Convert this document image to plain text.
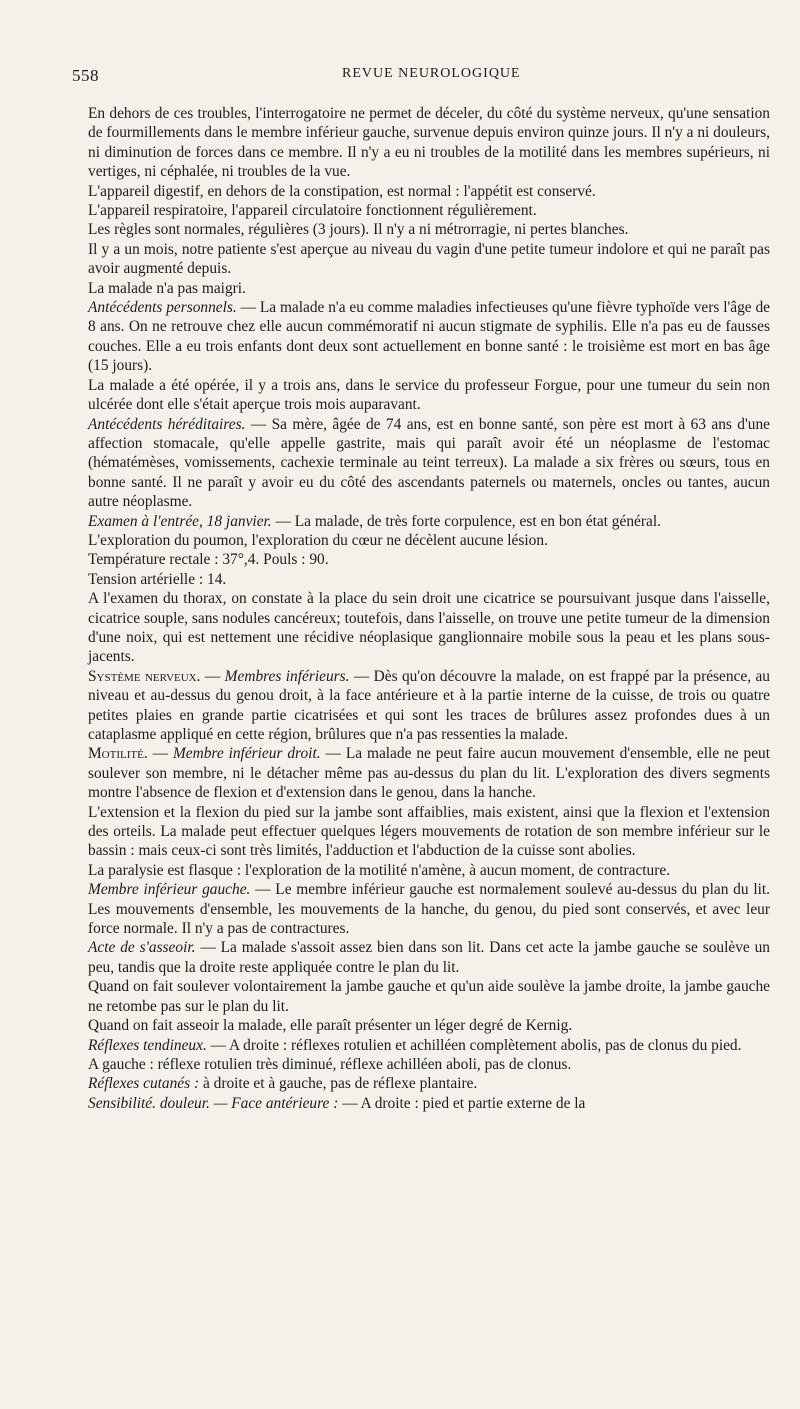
558	REVUE NEUROLOGIQUE

En dehors de ces troubles, l'interrogatoire ne permet de déceler, du côté du système nerveux, qu'une sensation de fourmillements dans le membre inférieur gauche, survenue depuis environ quinze jours. Il n'y a ni douleurs, ni diminution de forces dans ce membre. Il n'y a eu ni troubles de la motilité dans les membres supérieurs, ni vertiges, ni céphalée, ni troubles de la vue.

L'appareil digestif, en dehors de la constipation, est normal : l'appétit est conservé.

L'appareil respiratoire, l'appareil circulatoire fonctionnent régulièrement.

Les règles sont normales, régulières (3 jours). Il n'y a ni métrorragie, ni pertes blanches.

Il y a un mois, notre patiente s'est aperçue au niveau du vagin d'une petite tumeur indolore et qui ne paraît pas avoir augmenté depuis.

La malade n'a pas maigri.

Antécédents personnels. — La malade n'a eu comme maladies infectieuses qu'une fièvre typhoïde vers l'âge de 8 ans. On ne retrouve chez elle aucun commémoratif ni aucun stigmate de syphilis. Elle n'a pas eu de fausses couches. Elle a eu trois enfants dont deux sont actuellement en bonne santé : le troisième est mort en bas âge (15 jours).

La malade a été opérée, il y a trois ans, dans le service du professeur Forgue, pour une tumeur du sein non ulcérée dont elle s'était aperçue trois mois auparavant.

Antécédents héréditaires. — Sa mère, âgée de 74 ans, est en bonne santé, son père est mort à 63 ans d'une affection stomacale, qu'elle appelle gastrite, mais qui paraît avoir été un néoplasme de l'estomac (hématémèses, vomissements, cachexie terminale au teint terreux). La malade a six frères ou sœurs, tous en bonne santé. Il ne paraît y avoir eu du côté des ascendants paternels ou maternels, oncles ou tantes, aucun autre néoplasme.

Examen à l'entrée, 18 janvier. — La malade, de très forte corpulence, est en bon état général.

L'exploration du poumon, l'exploration du cœur ne décèlent aucune lésion.

Température rectale : 37°,4. Pouls : 90.

Tension artérielle : 14.

A l'examen du thorax, on constate à la place du sein droit une cicatrice se poursuivant jusque dans l'aisselle, cicatrice souple, sans nodules cancéreux; toutefois, dans l'aisselle, on trouve une petite tumeur de la dimension d'une noix, qui est nettement une récidive néoplasique ganglionnaire mobile sous la peau et les plans sous-jacents.

Système nerveux. — Membres inférieurs. — Dès qu'on découvre la malade, on est frappé par la présence, au niveau et au-dessus du genou droit, à la face antérieure et à la partie interne de la cuisse, de trois ou quatre petites plaies en grande partie cicatrisées et qui sont les traces de brûlures assez profondes dues à un cataplasme appliqué en cette région, brûlures que n'a pas ressenties la malade.

Motilité. — Membre inférieur droit. — La malade ne peut faire aucun mouvement d'ensemble, elle ne peut soulever son membre, ni le détacher même pas au-dessus du plan du lit. L'exploration des divers segments montre l'absence de flexion et d'extension dans le genou, dans la hanche.

L'extension et la flexion du pied sur la jambe sont affaiblies, mais existent, ainsi que la flexion et l'extension des orteils. La malade peut effectuer quelques légers mouvements de rotation de son membre inférieur sur le bassin : mais ceux-ci sont très limités, l'adduction et l'abduction de la cuisse sont abolies.

La paralysie est flasque : l'exploration de la motilité n'amène, à aucun moment, de contracture.

Membre inférieur gauche. — Le membre inférieur gauche est normalement soulevé au-dessus du plan du lit. Les mouvements d'ensemble, les mouvements de la hanche, du genou, du pied sont conservés, et avec leur force normale. Il n'y a pas de contractures.

Acte de s'asseoir. — La malade s'assoit assez bien dans son lit. Dans cet acte la jambe gauche se soulève un peu, tandis que la droite reste appliquée contre le plan du lit.

Quand on fait soulever volontairement la jambe gauche et qu'un aide soulève la jambe droite, la jambe gauche ne retombe pas sur le plan du lit.

Quand on fait asseoir la malade, elle paraît présenter un léger degré de Kernig.

Réflexes tendineux. — A droite : réflexes rotulien et achilléen complètement abolis, pas de clonus du pied.

A gauche : réflexe rotulien très diminué, réflexe achilléen aboli, pas de clonus.

Réflexes cutanés : à droite et à gauche, pas de réflexe plantaire.

Sensibilité. douleur. — Face antérieure : — A droite : pied et partie externe de la
